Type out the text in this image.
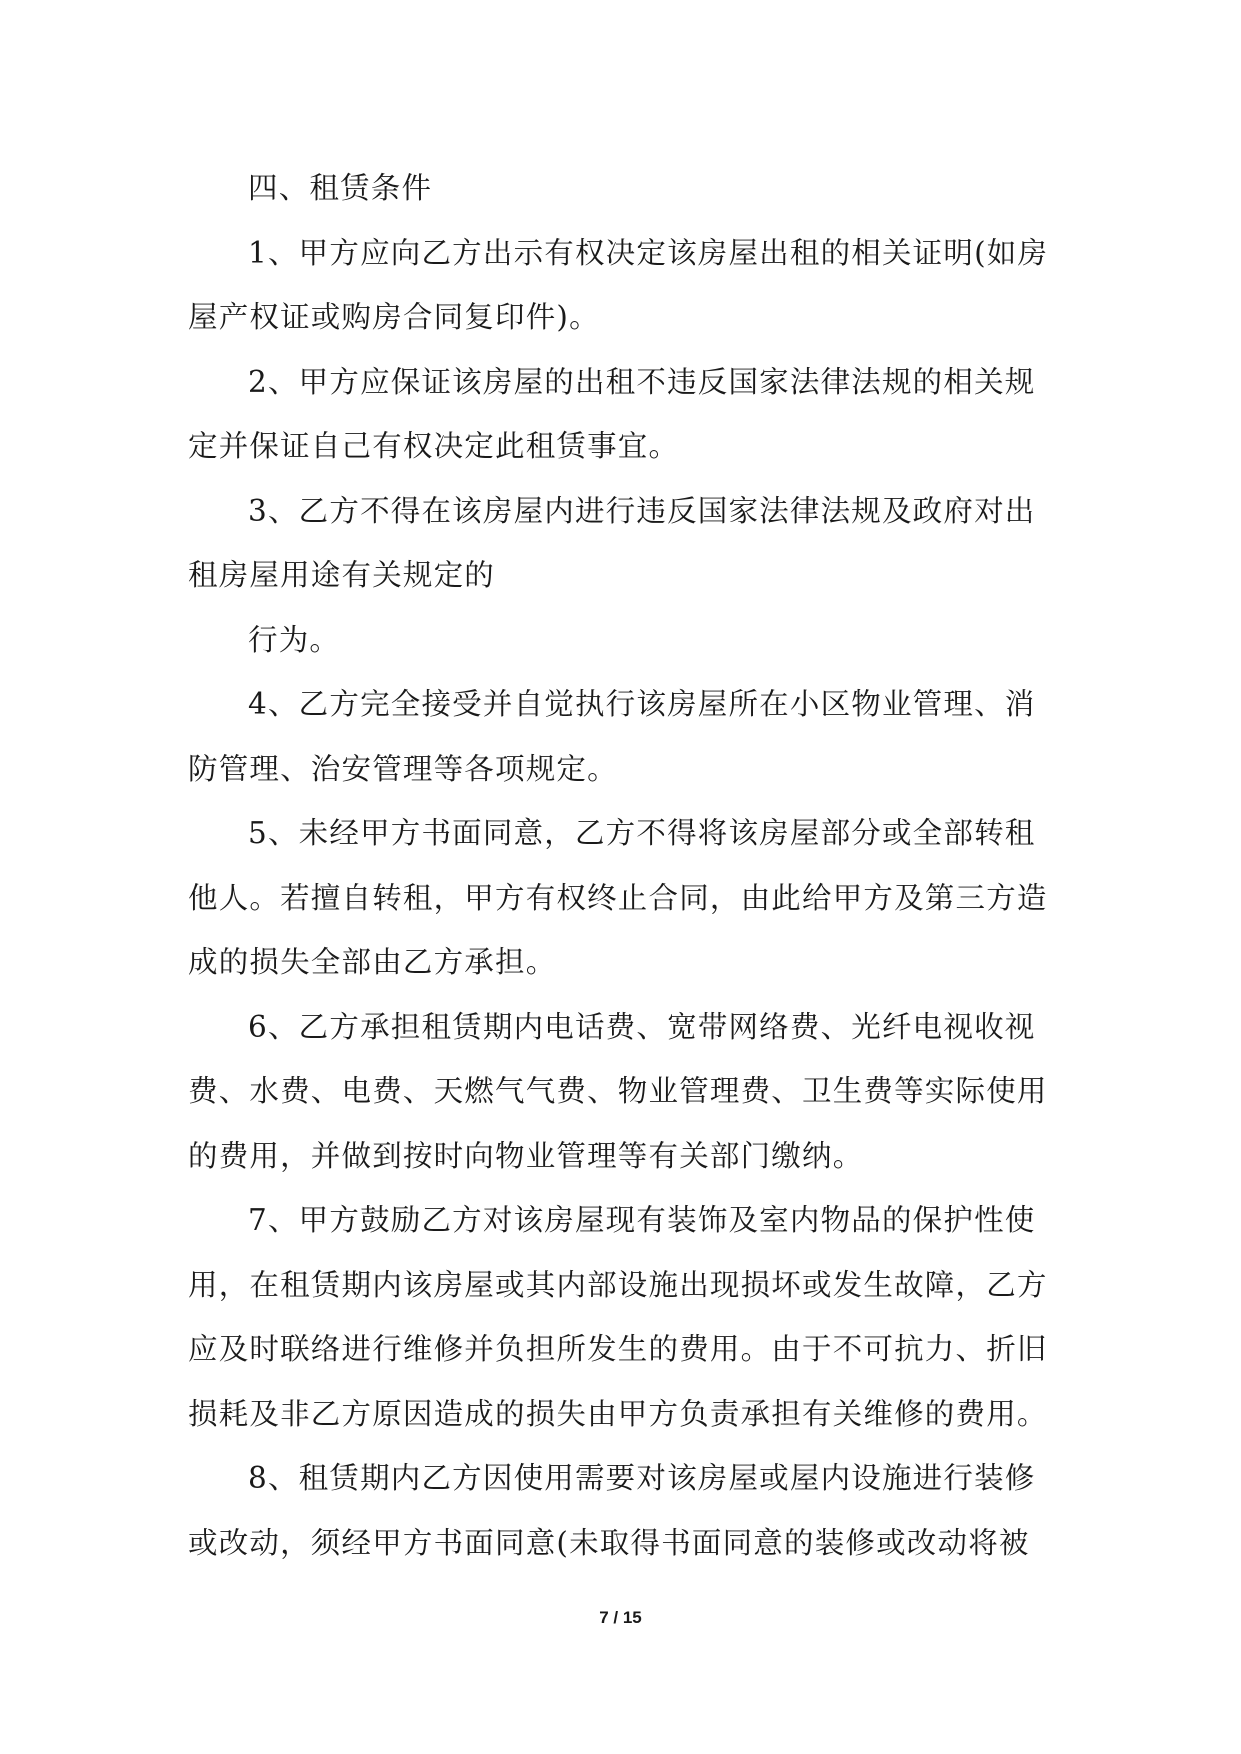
四、租赁条件
1、甲方应向乙方出示有权决定该房屋出租的相关证明(如房
屋产权证或购房合同复印件)。
2、甲方应保证该房屋的出租不违反国家法律法规的相关规
定并保证自己有权决定此租赁事宜。
3、乙方不得在该房屋内进行违反国家法律法规及政府对出
租房屋用途有关规定的
行为。
4、乙方完全接受并自觉执行该房屋所在小区物业管理、消
防管理、治安管理等各项规定。
5、未经甲方书面同意，乙方不得将该房屋部分或全部转租
他人。若擅自转租，甲方有权终止合同，由此给甲方及第三方造
成的损失全部由乙方承担。
6、乙方承担租赁期内电话费、宽带网络费、光纤电视收视
费、水费、电费、天燃气气费、物业管理费、卫生费等实际使用
的费用，并做到按时向物业管理等有关部门缴纳。
7、甲方鼓励乙方对该房屋现有装饰及室内物品的保护性使
用，在租赁期内该房屋或其内部设施出现损坏或发生故障，乙方
应及时联络进行维修并负担所发生的费用。由于不可抗力、折旧
损耗及非乙方原因造成的损失由甲方负责承担有关维修的费用。
8、租赁期内乙方因使用需要对该房屋或屋内设施进行装修
或改动，须经甲方书面同意(未取得书面同意的装修或改动将被
7 / 15
